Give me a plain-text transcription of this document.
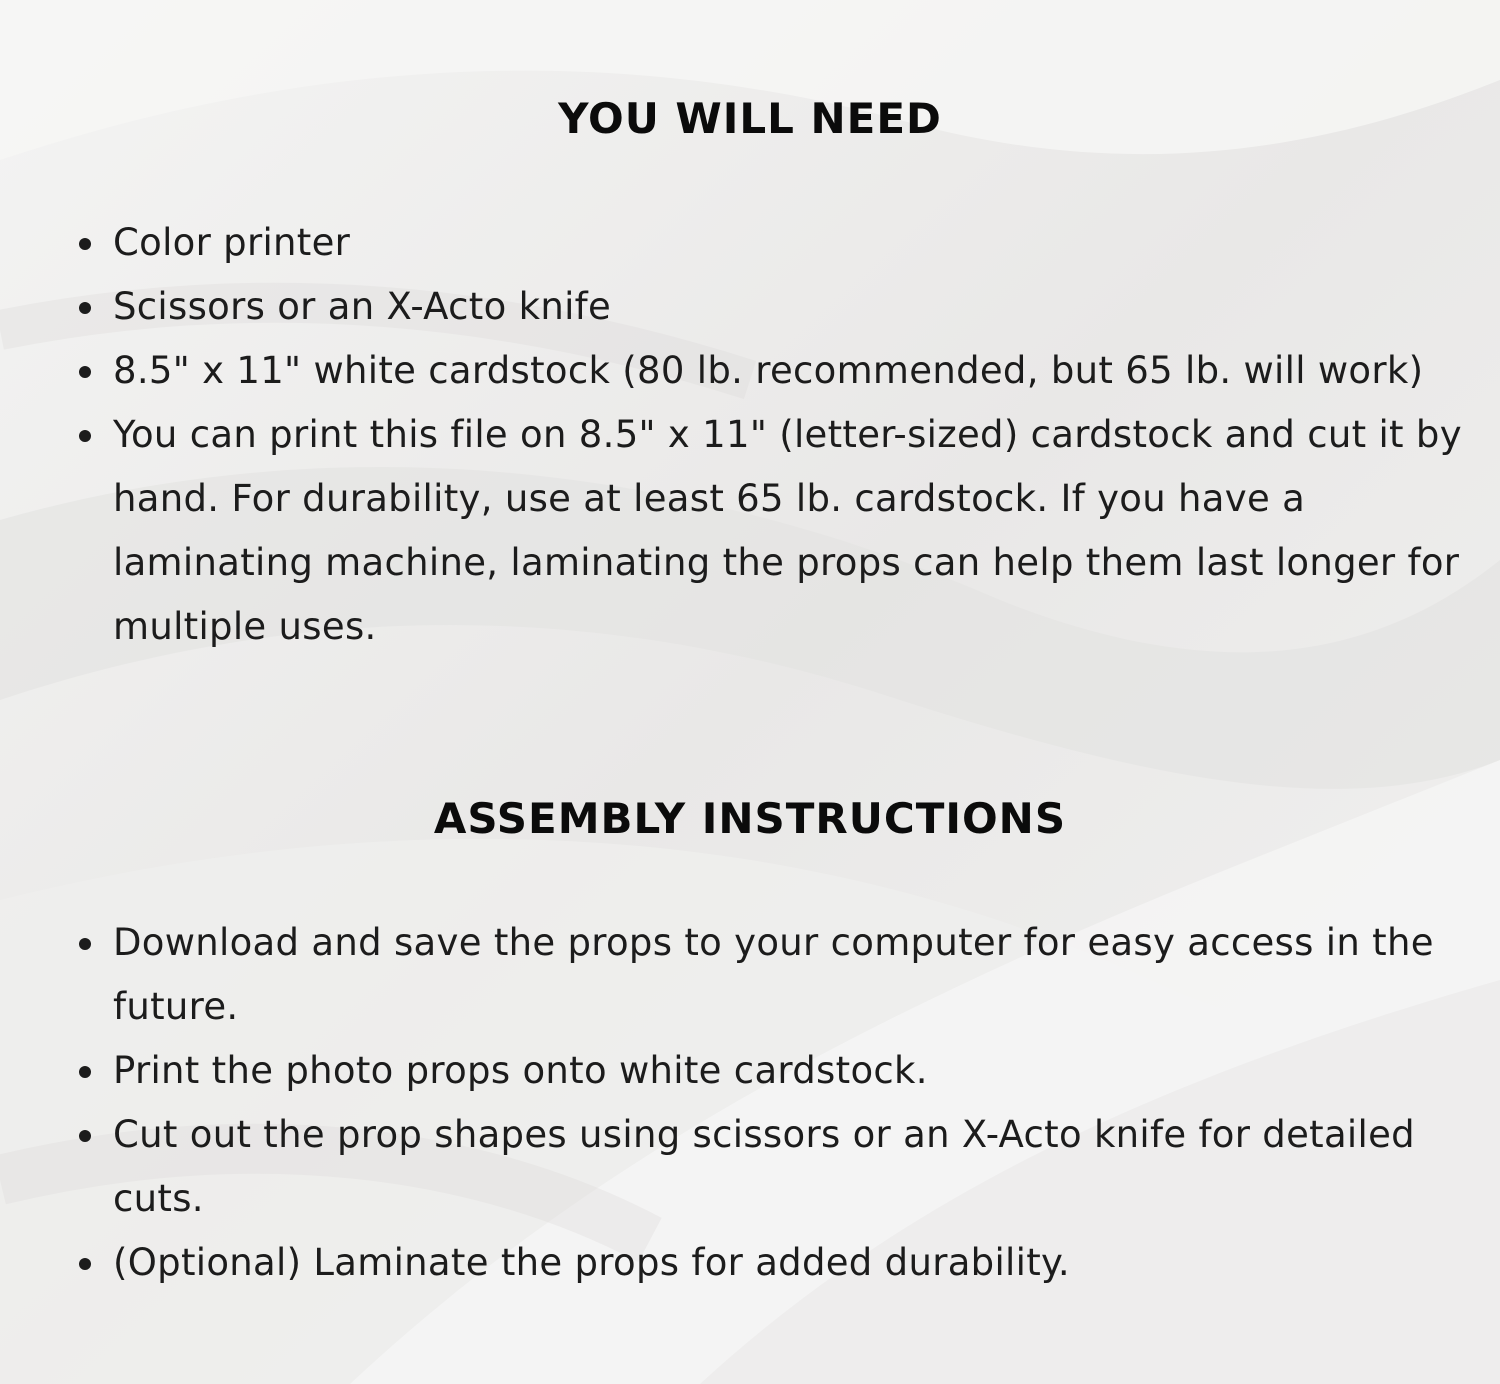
YOU WILL NEED
Color printer
Scissors or an X-Acto knife
8.5" x 11" white cardstock (80 lb. recommended, but 65 lb. will work)
You can print this file on 8.5" x 11" (letter-sized) cardstock and cut it by hand. For durability, use at least 65 lb. cardstock. If you have a laminating machine, laminating the props can help them last longer for multiple uses.
ASSEMBLY INSTRUCTIONS
Download and save the props to your computer for easy access in the future.
Print the photo props onto white cardstock.
Cut out the prop shapes using scissors or an X-Acto knife for detailed cuts.
(Optional) Laminate the props for added durability.
